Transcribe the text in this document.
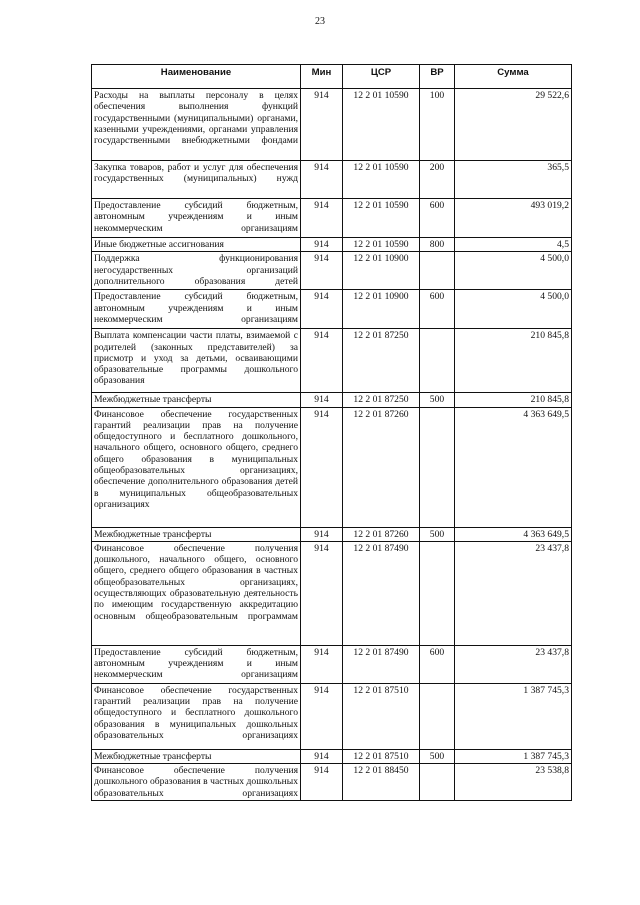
23
Наименование	Мин	ЦСР	ВР	Сумма
Расходы на выплаты персоналу в целях обеспечения выполнения функций государственными (муниципальными) органами, казенными учреждениями, органами управления государственными внебюджетными фондами	914	12 2 01 10590	100	29 522,6
Закупка товаров, работ и услуг для обеспечения государственных (муниципальных) нужд	914	12 2 01 10590	200	365,5
Предоставление субсидий бюджетным, автономным учреждениям и иным некоммерческим организациям	914	12 2 01 10590	600	493 019,2
Иные бюджетные ассигнования	914	12 2 01 10590	800	4,5
Поддержка функционирования негосударственных организаций дополнительного образования детей	914	12 2 01 10900		4 500,0
Предоставление субсидий бюджетным, автономным учреждениям и иным некоммерческим организациям	914	12 2 01 10900	600	4 500,0
Выплата компенсации части платы, взимаемой с родителей (законных представителей) за присмотр и уход за детьми, осваивающими образовательные программы дошкольного образования	914	12 2 01 87250		210 845,8
Межбюджетные трансферты	914	12 2 01 87250	500	210 845,8
Финансовое обеспечение государственных гарантий реализации прав на получение общедоступного и бесплатного дошкольного, начального общего, основного общего, среднего общего образования в муниципальных общеобразовательных организациях, обеспечение дополнительного образования детей в муниципальных общеобразовательных организациях	914	12 2 01 87260		4 363 649,5
Межбюджетные трансферты	914	12 2 01 87260	500	4 363 649,5
Финансовое обеспечение получения дошкольного, начального общего, основного общего, среднего общего образования в частных общеобразовательных организациях, осуществляющих образовательную деятельность по имеющим государственную аккредитацию основным общеобразовательным программам	914	12 2 01 87490		23 437,8
Предоставление субсидий бюджетным, автономным учреждениям и иным некоммерческим организациям	914	12 2 01 87490	600	23 437,8
Финансовое обеспечение государственных гарантий реализации прав на получение общедоступного и бесплатного дошкольного образования в муниципальных дошкольных образовательных организациях	914	12 2 01 87510		1 387 745,3
Межбюджетные трансферты	914	12 2 01 87510	500	1 387 745,3
Финансовое обеспечение получения дошкольного образования в частных дошкольных образовательных организациях	914	12 2 01 88450		23 538,8
